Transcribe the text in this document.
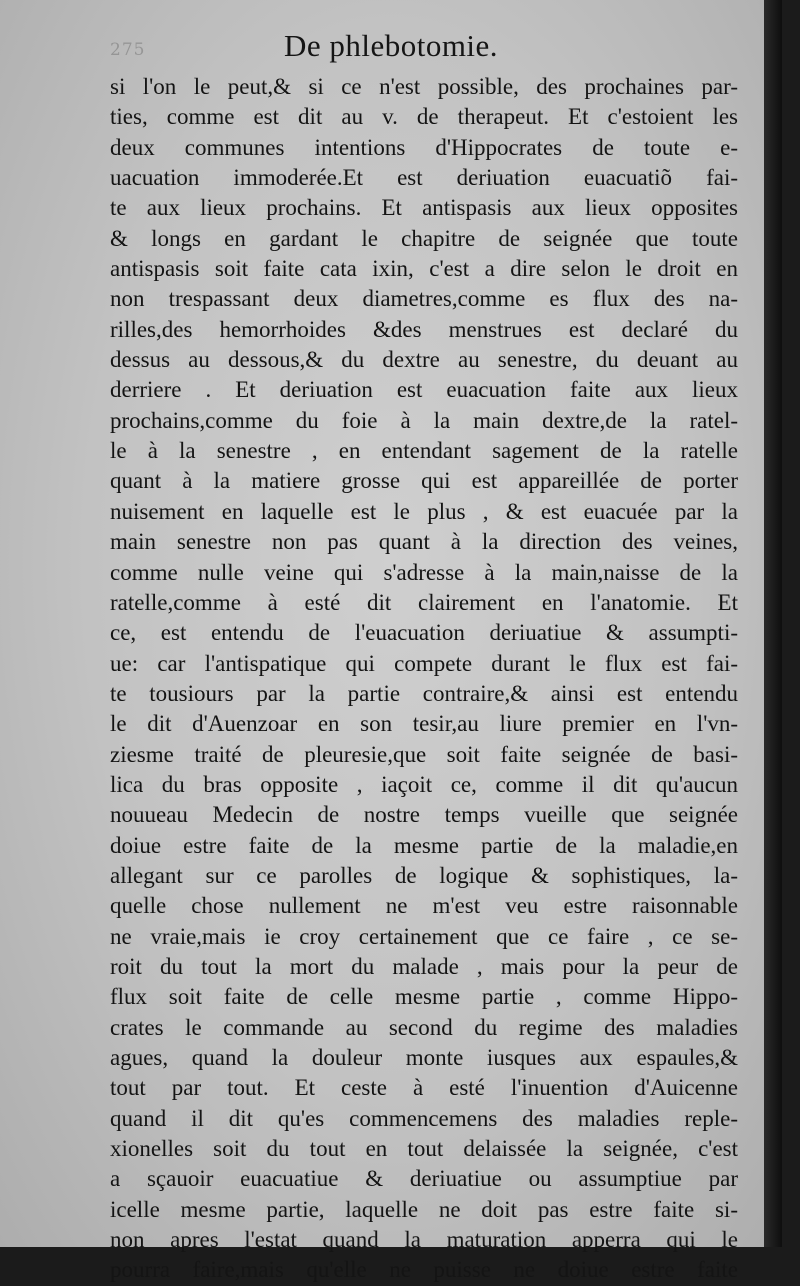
275	De phlebotomie.
si l'on le peut,& si ce n'est possible, des prochaines par-
ties, comme est dit au v. de therapeut. Et c'estoient les
deux communes intentions d'Hippocrates de toute e-
uacuation immoderée.Et est deriuation euacuatiõ fai-
te aux lieux prochains. Et antispasis aux lieux opposites
& longs en gardant le chapitre de seignée que toute
antispasis soit faite cata ixin, c'est a dire selon le droit en
non trespassant deux diametres,comme es flux des na-
rilles,des hemorrhoides &des menstrues est declaré du
dessus au dessous,& du dextre au senestre, du deuant au
derriere . Et deriuation est euacuation faite aux lieux
prochains,comme du foie à la main dextre,de la ratel-
le à la senestre , en entendant sagement de la ratelle
quant à la matiere grosse qui est appareillée de porter
nuisement en laquelle est le plus , & est euacuée par la
main senestre non pas quant à la direction des veines,
comme nulle veine qui s'adresse à la main,naisse de la
ratelle,comme à esté dit clairement en l'anatomie. Et
ce, est entendu de l'euacuation deriuatiue & assumpti-
ue: car l'antispatique qui compete durant le flux est fai-
te tousiours par la partie contraire,& ainsi est entendu
le dit d'Auenzoar en son tesir,au liure premier en l'vn-
ziesme traité de pleuresie,que soit faite seignée de basi-
lica du bras opposite , iaçoit ce, comme il dit qu'aucun
nouueau Medecin de nostre temps vueille que seignée
doiue estre faite de la mesme partie de la maladie,en
allegant sur ce parolles de logique & sophistiques, la-
quelle chose nullement ne m'est veu estre raisonnable
ne vraie,mais ie croy certainement que ce faire , ce se-
roit du tout la mort du malade , mais pour la peur de
flux soit faite de celle mesme partie , comme Hippo-
crates le commande au second du regime des maladies
agues, quand la douleur monte iusques aux espaules,&
tout par tout. Et ceste à esté l'inuention d'Auicenne
quand il dit qu'es commencemens des maladies reple-
xionelles soit du tout en tout delaissée la seignée, c'est
a sçauoir euacuatiue & deriuatiue ou assumptiue par
icelle mesme partie, laquelle ne doit pas estre faite si-
non apres l'estat quand la maturation apperra qui le
pourra faire,mais qu'elle ne puisse ne doiue estre faite
